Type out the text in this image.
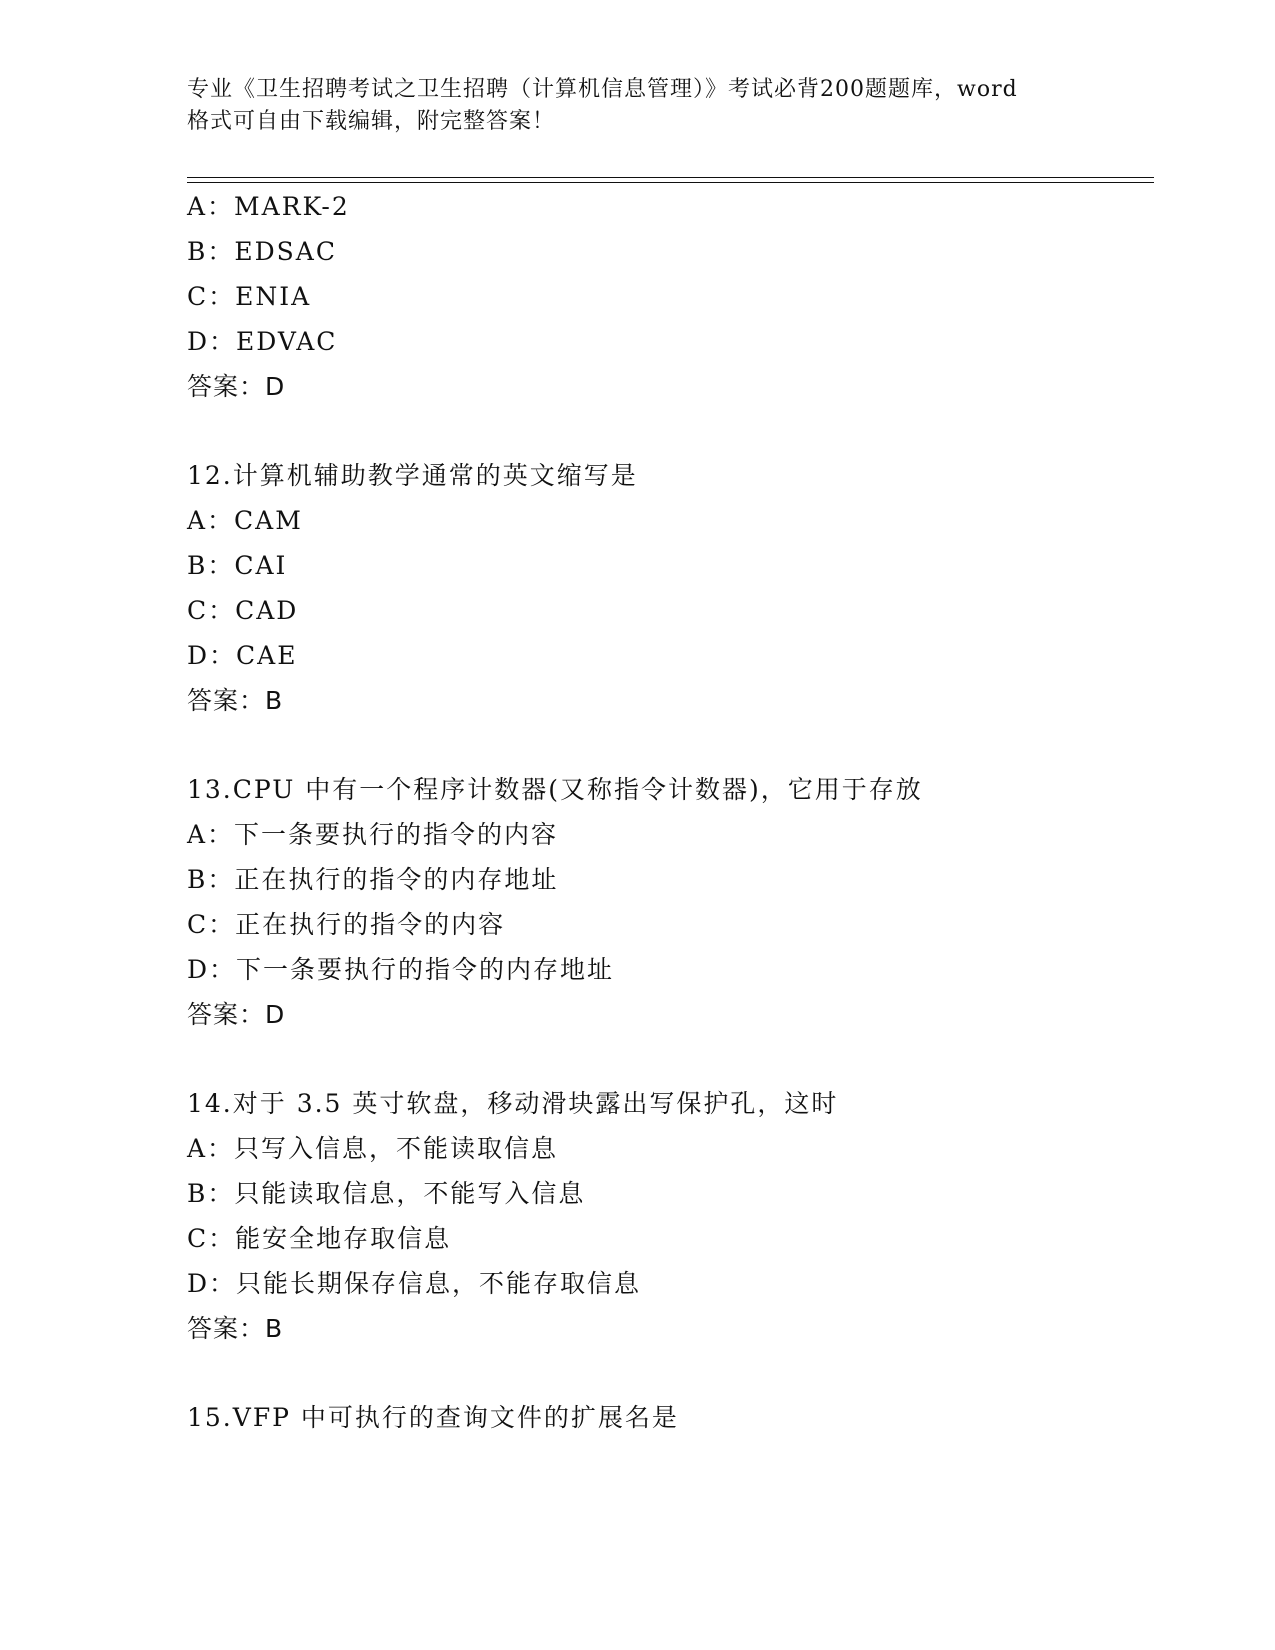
专业《卫生招聘考试之卫生招聘（计算机信息管理）》考试必背200题题库，word
格式可自由下载编辑，附完整答案！
A：MARK-2
B：EDSAC
C：ENIA
D：EDVAC
答案：D
12.计算机辅助教学通常的英文缩写是
A：CAM
B：CAI
C：CAD
D：CAE
答案：B
13.CPU 中有一个程序计数器(又称指令计数器)，它用于存放
A：下一条要执行的指令的内容
B：正在执行的指令的内存地址
C：正在执行的指令的内容
D：下一条要执行的指令的内存地址
答案：D
14.对于 3.5 英寸软盘，移动滑块露出写保护孔，这时
A：只写入信息，不能读取信息
B：只能读取信息，不能写入信息
C：能安全地存取信息
D：只能长期保存信息，不能存取信息
答案：B
15.VFP 中可执行的查询文件的扩展名是
